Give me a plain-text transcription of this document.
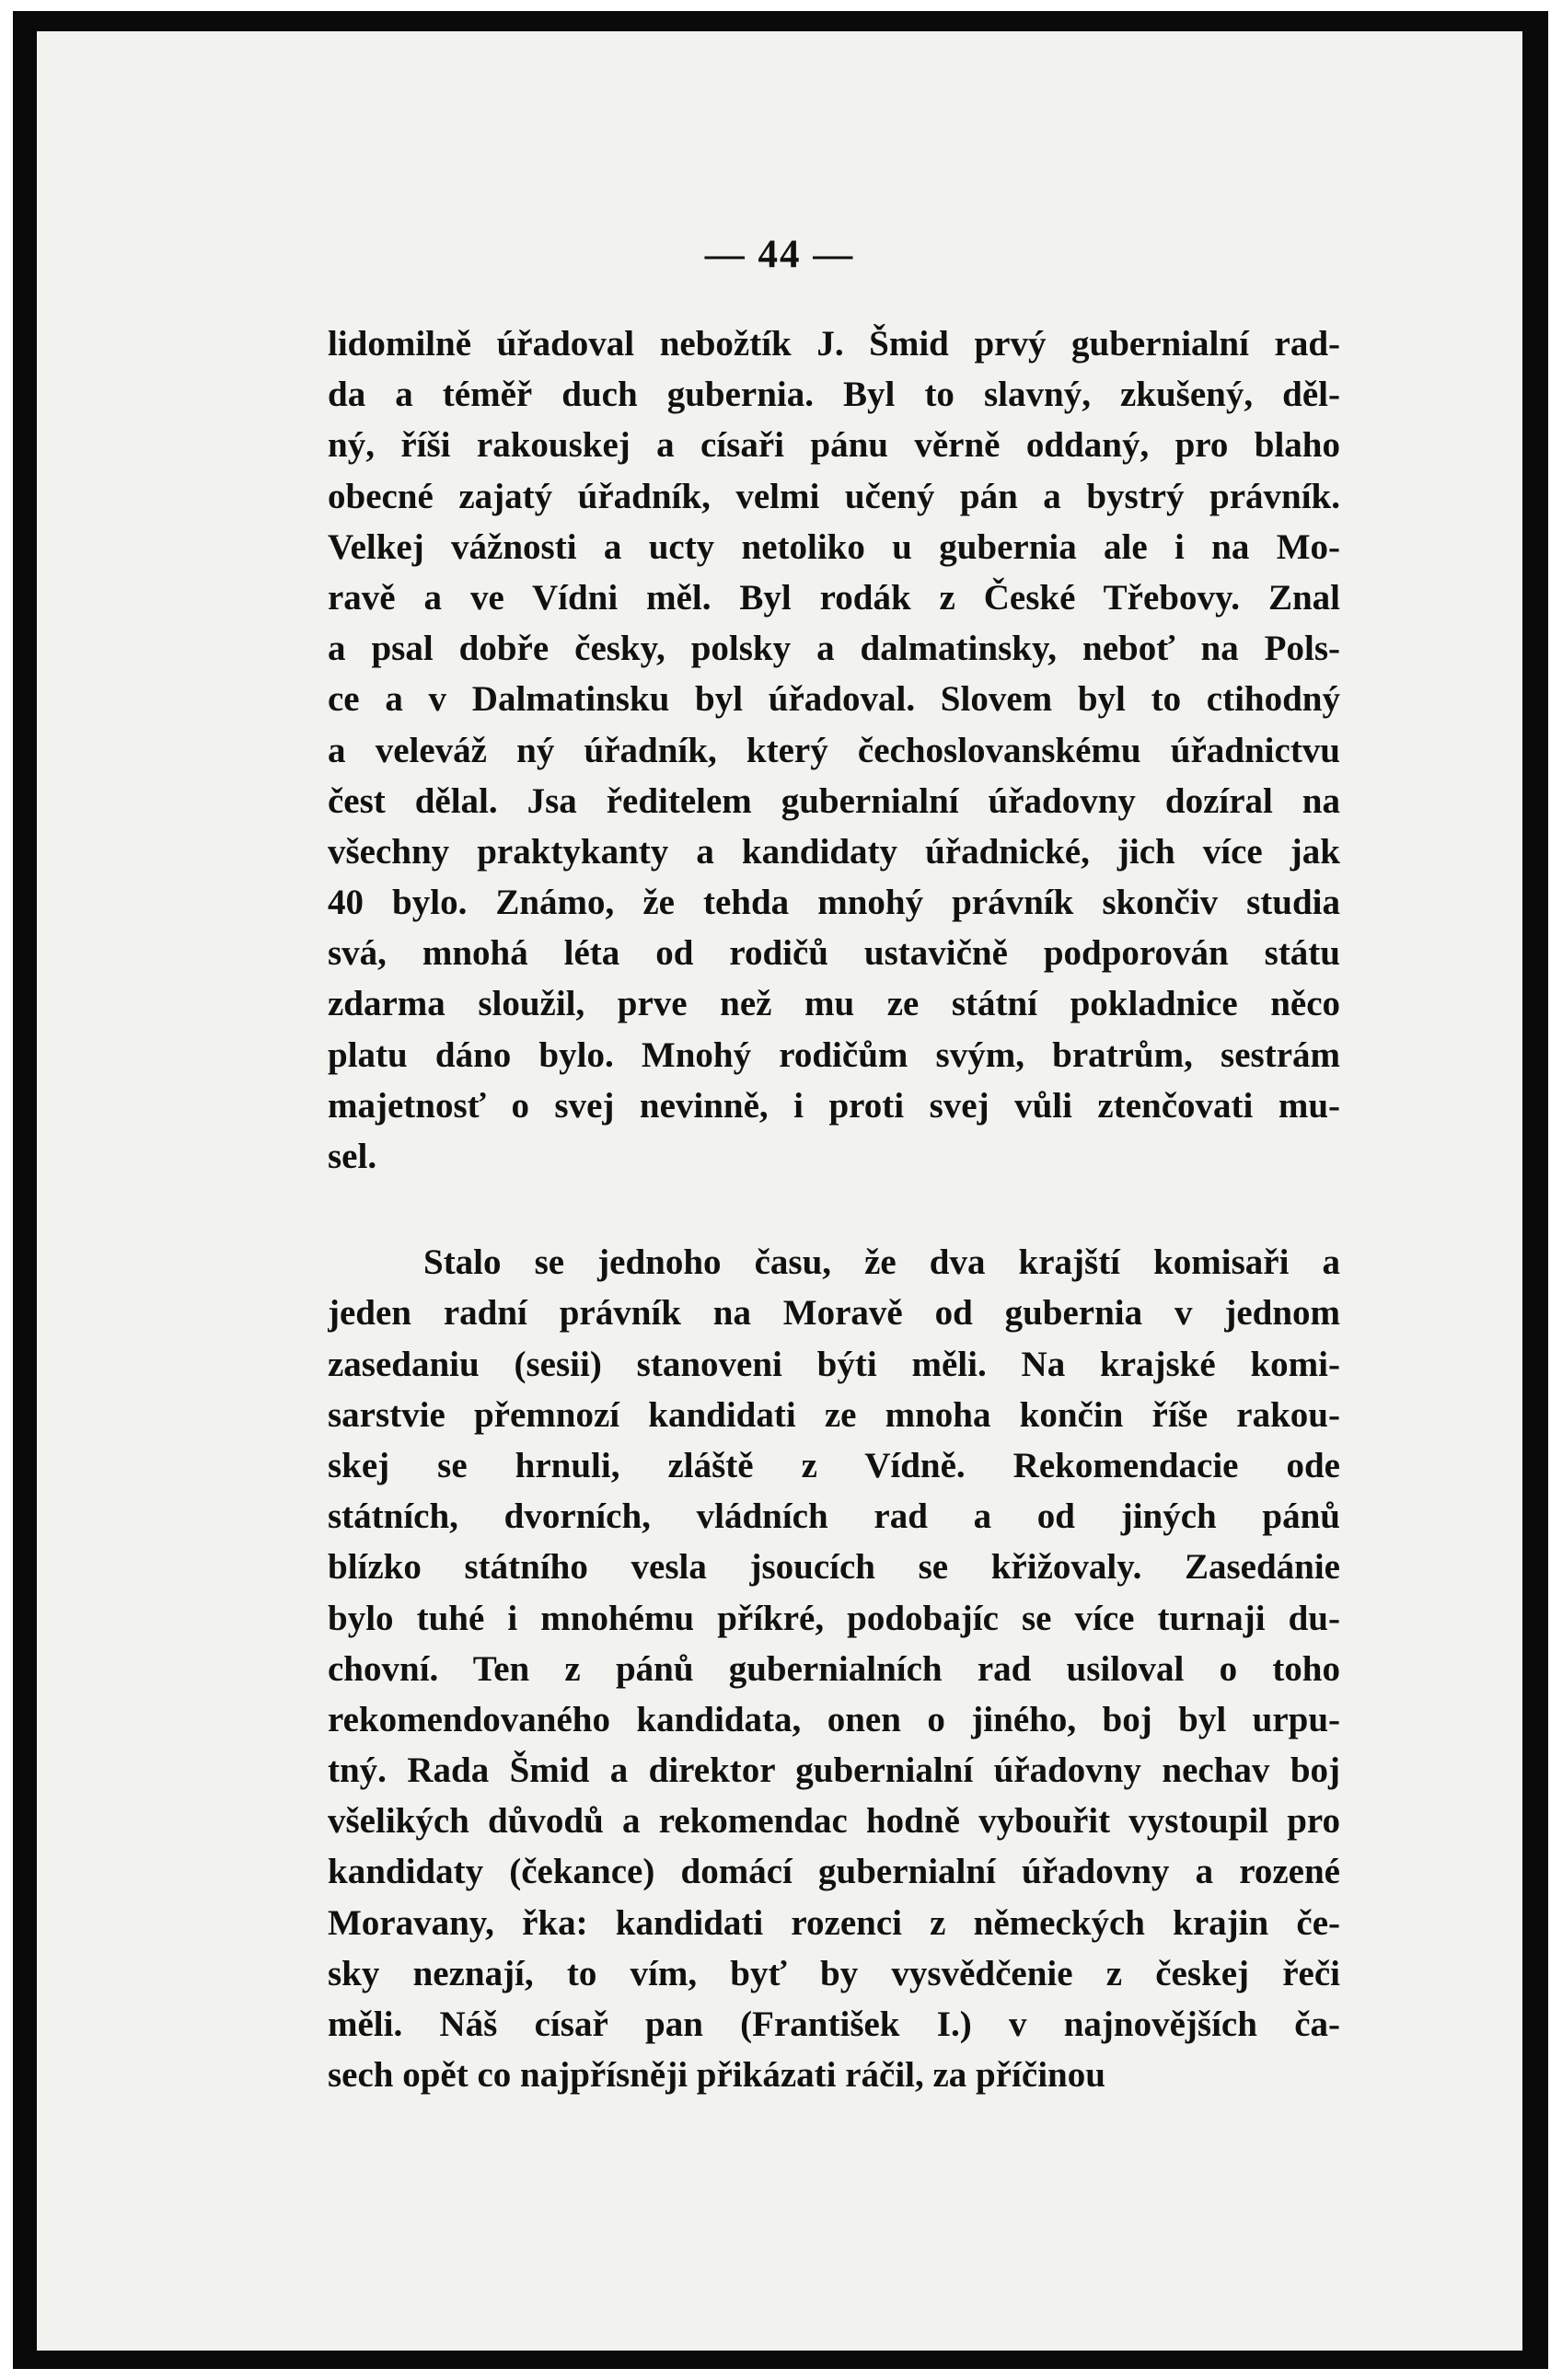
— 44 —
lidomilně úřadoval nebožtík J. Šmid prvý gubernialní rad-
da a téměř duch gubernia. Byl to slavný, zkušený, děl-
ný, říši rakouskej a císaři pánu věrně oddaný, pro blaho
obecné zajatý úřadník, velmi učený pán a bystrý právník.
Velkej vážnosti a ucty netoliko u gubernia ale i na Mo-
ravě a ve Vídni měl. Byl rodák z České Třebovy. Znal
a psal dobře česky, polsky a dalmatinsky, neboť na Pols-
ce a v Dalmatinsku byl úřadoval. Slovem byl to ctihodný
a veleváž ný úřadník, který čechoslovanskému úřadnictvu
čest dělal. Jsa ředitelem gubernialní úřadovny dozíral na
všechny praktykanty a kandidaty úřadnické, jich více jak
40 bylo. Známo, že tehda mnohý právník skončiv studia
svá, mnohá léta od rodičů ustavičně podporován státu
zdarma sloužil, prve než mu ze státní pokladnice něco
platu dáno bylo. Mnohý rodičům svým, bratrům, sestrám
majetnosť o svej nevinně, i proti svej vůli ztenčovati mu-
sel.
Stalo se jednoho času, že dva krajští komisaři a
jeden radní právník na Moravě od gubernia v jednom
zasedaniu (sesii) stanoveni býti měli. Na krajské komi-
sarstvie přemnozí kandidati ze mnoha končin říše rakou-
skej se hrnuli, zláště z Vídně. Rekomendacie ode
státních, dvorních, vládních rad a od jiných pánů
blízko státního vesla jsoucích se křižovaly. Zasedánie
bylo tuhé i mnohému příkré, podobajíc se více turnaji du-
chovní. Ten z pánů gubernialních rad usiloval o toho
rekomendovaného kandidata, onen o jiného, boj byl urpu-
tný. Rada Šmid a direktor gubernialní úřadovny nechav boj
všelikých důvodů a rekomendac hodně vybouřit vystoupil pro
kandidaty (čekance) domácí gubernialní úřadovny a rozené
Moravany, řka: kandidati rozenci z německých krajin če-
sky neznají, to vím, byť by vysvědčenie z českej řeči
měli. Náš císař pan (František I.) v najnovějších ča-
sech opět co najpřísněji přikázati ráčil, za příčinou
